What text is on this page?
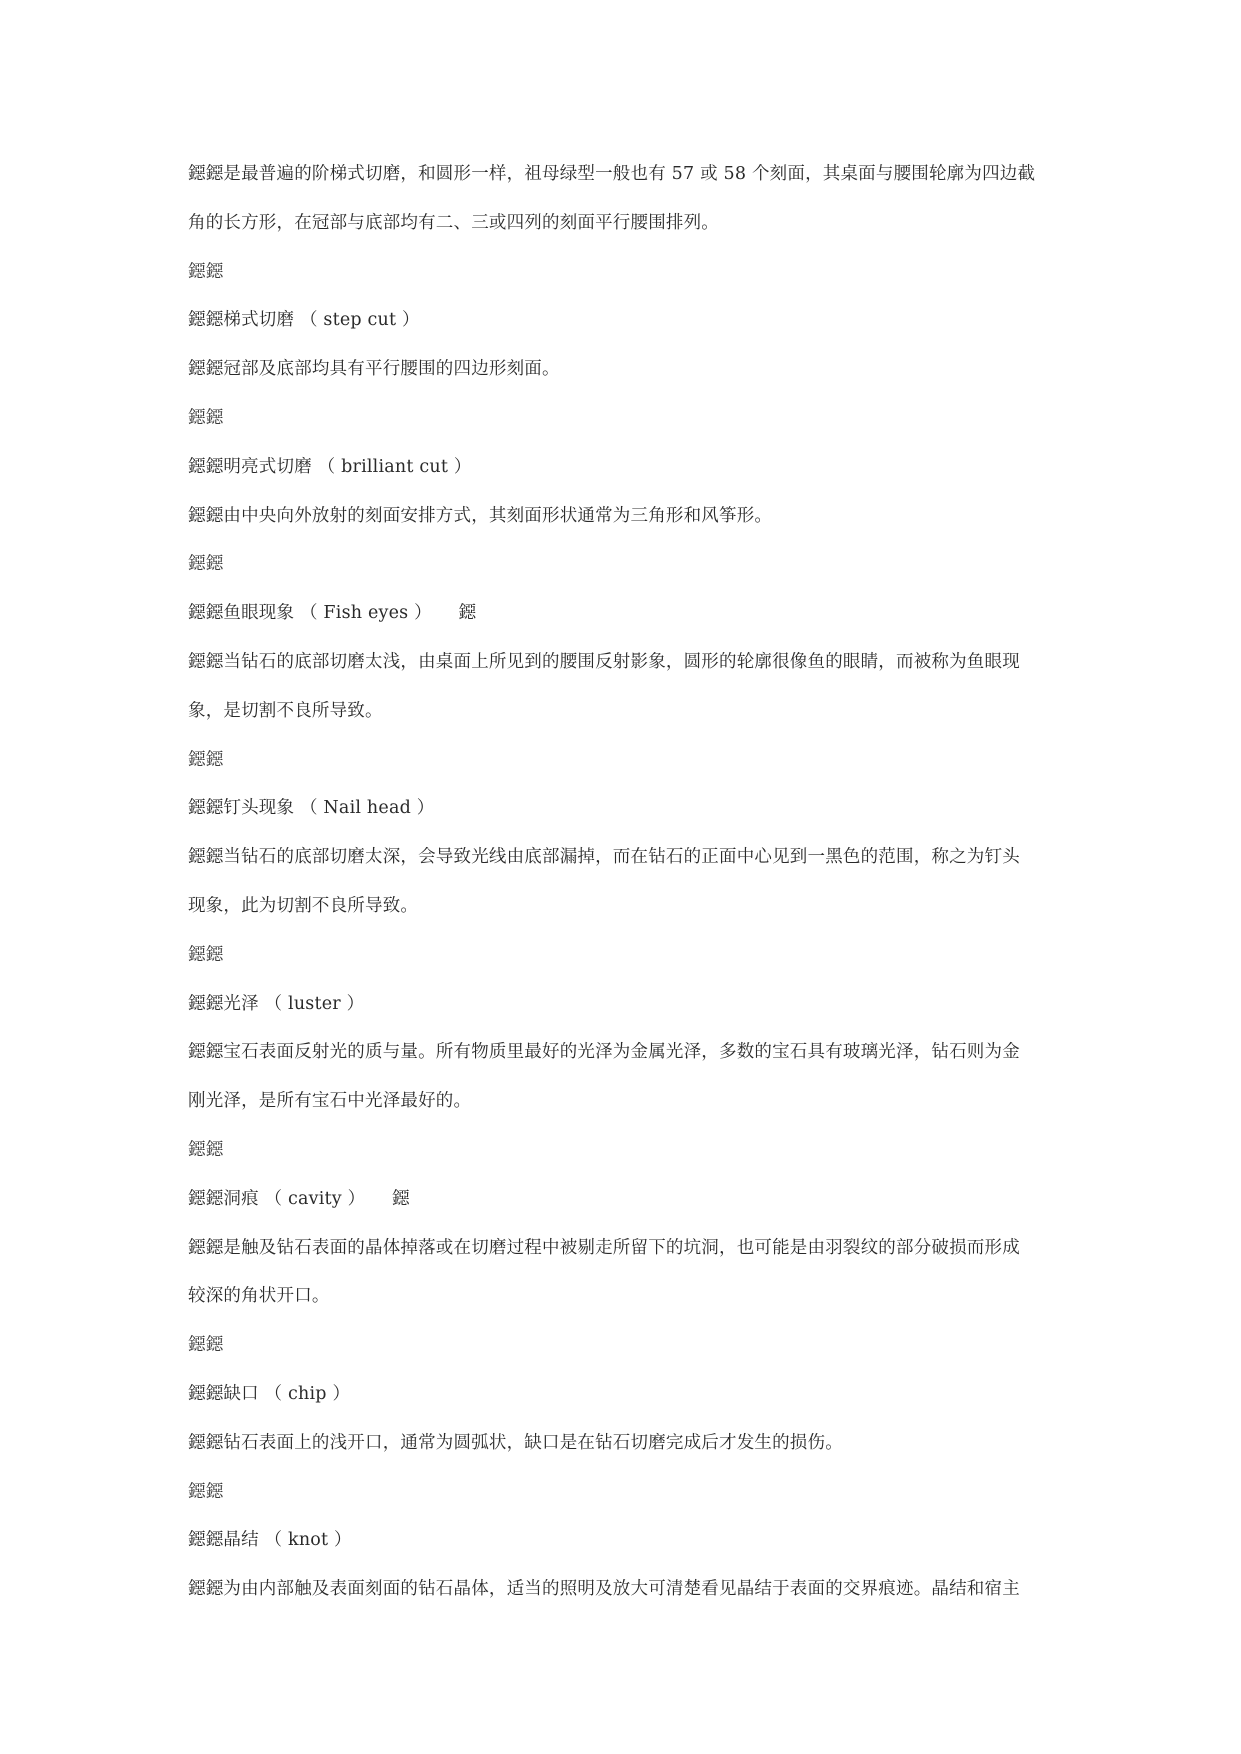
鐚鐚是最普遍的阶梯式切磨，和圆形一样，祖母绿型一般也有 57 或 58 个刻面，其桌面与腰围轮廓为四边截
角的长方形，在冠部与底部均有二、三或四列的刻面平行腰围排列。
鐚鐚
鐚鐚梯式切磨 （ step cut ）
鐚鐚冠部及底部均具有平行腰围的四边形刻面。
鐚鐚
鐚鐚明亮式切磨 （ brilliant cut ）
鐚鐚由中央向外放射的刻面安排方式，其刻面形状通常为三角形和风筝形。
鐚鐚
鐚鐚鱼眼现象 （ Fish eyes ）　　鐚
鐚鐚当钻石的底部切磨太浅，由桌面上所见到的腰围反射影象，圆形的轮廓很像鱼的眼睛，而被称为鱼眼现
象，是切割不良所导致。
鐚鐚
鐚鐚钉头现象 （ Nail head ）
鐚鐚当钻石的底部切磨太深，会导致光线由底部漏掉，而在钻石的正面中心见到一黑色的范围，称之为钉头
现象，此为切割不良所导致。
鐚鐚
鐚鐚光泽 （ luster ）
鐚鐚宝石表面反射光的质与量。所有物质里最好的光泽为金属光泽，多数的宝石具有玻璃光泽，钻石则为金
刚光泽，是所有宝石中光泽最好的。
鐚鐚
鐚鐚洞痕 （ cavity ）　　鐚
鐚鐚是触及钻石表面的晶体掉落或在切磨过程中被剔走所留下的坑洞，也可能是由羽裂纹的部分破损而形成
较深的角状开口。
鐚鐚
鐚鐚缺口 （ chip ）
鐚鐚钻石表面上的浅开口，通常为圆弧状，缺口是在钻石切磨完成后才发生的损伤。
鐚鐚
鐚鐚晶结 （ knot ）
鐚鐚为由内部触及表面刻面的钻石晶体，适当的照明及放大可清楚看见晶结于表面的交界痕迹。晶结和宿主
